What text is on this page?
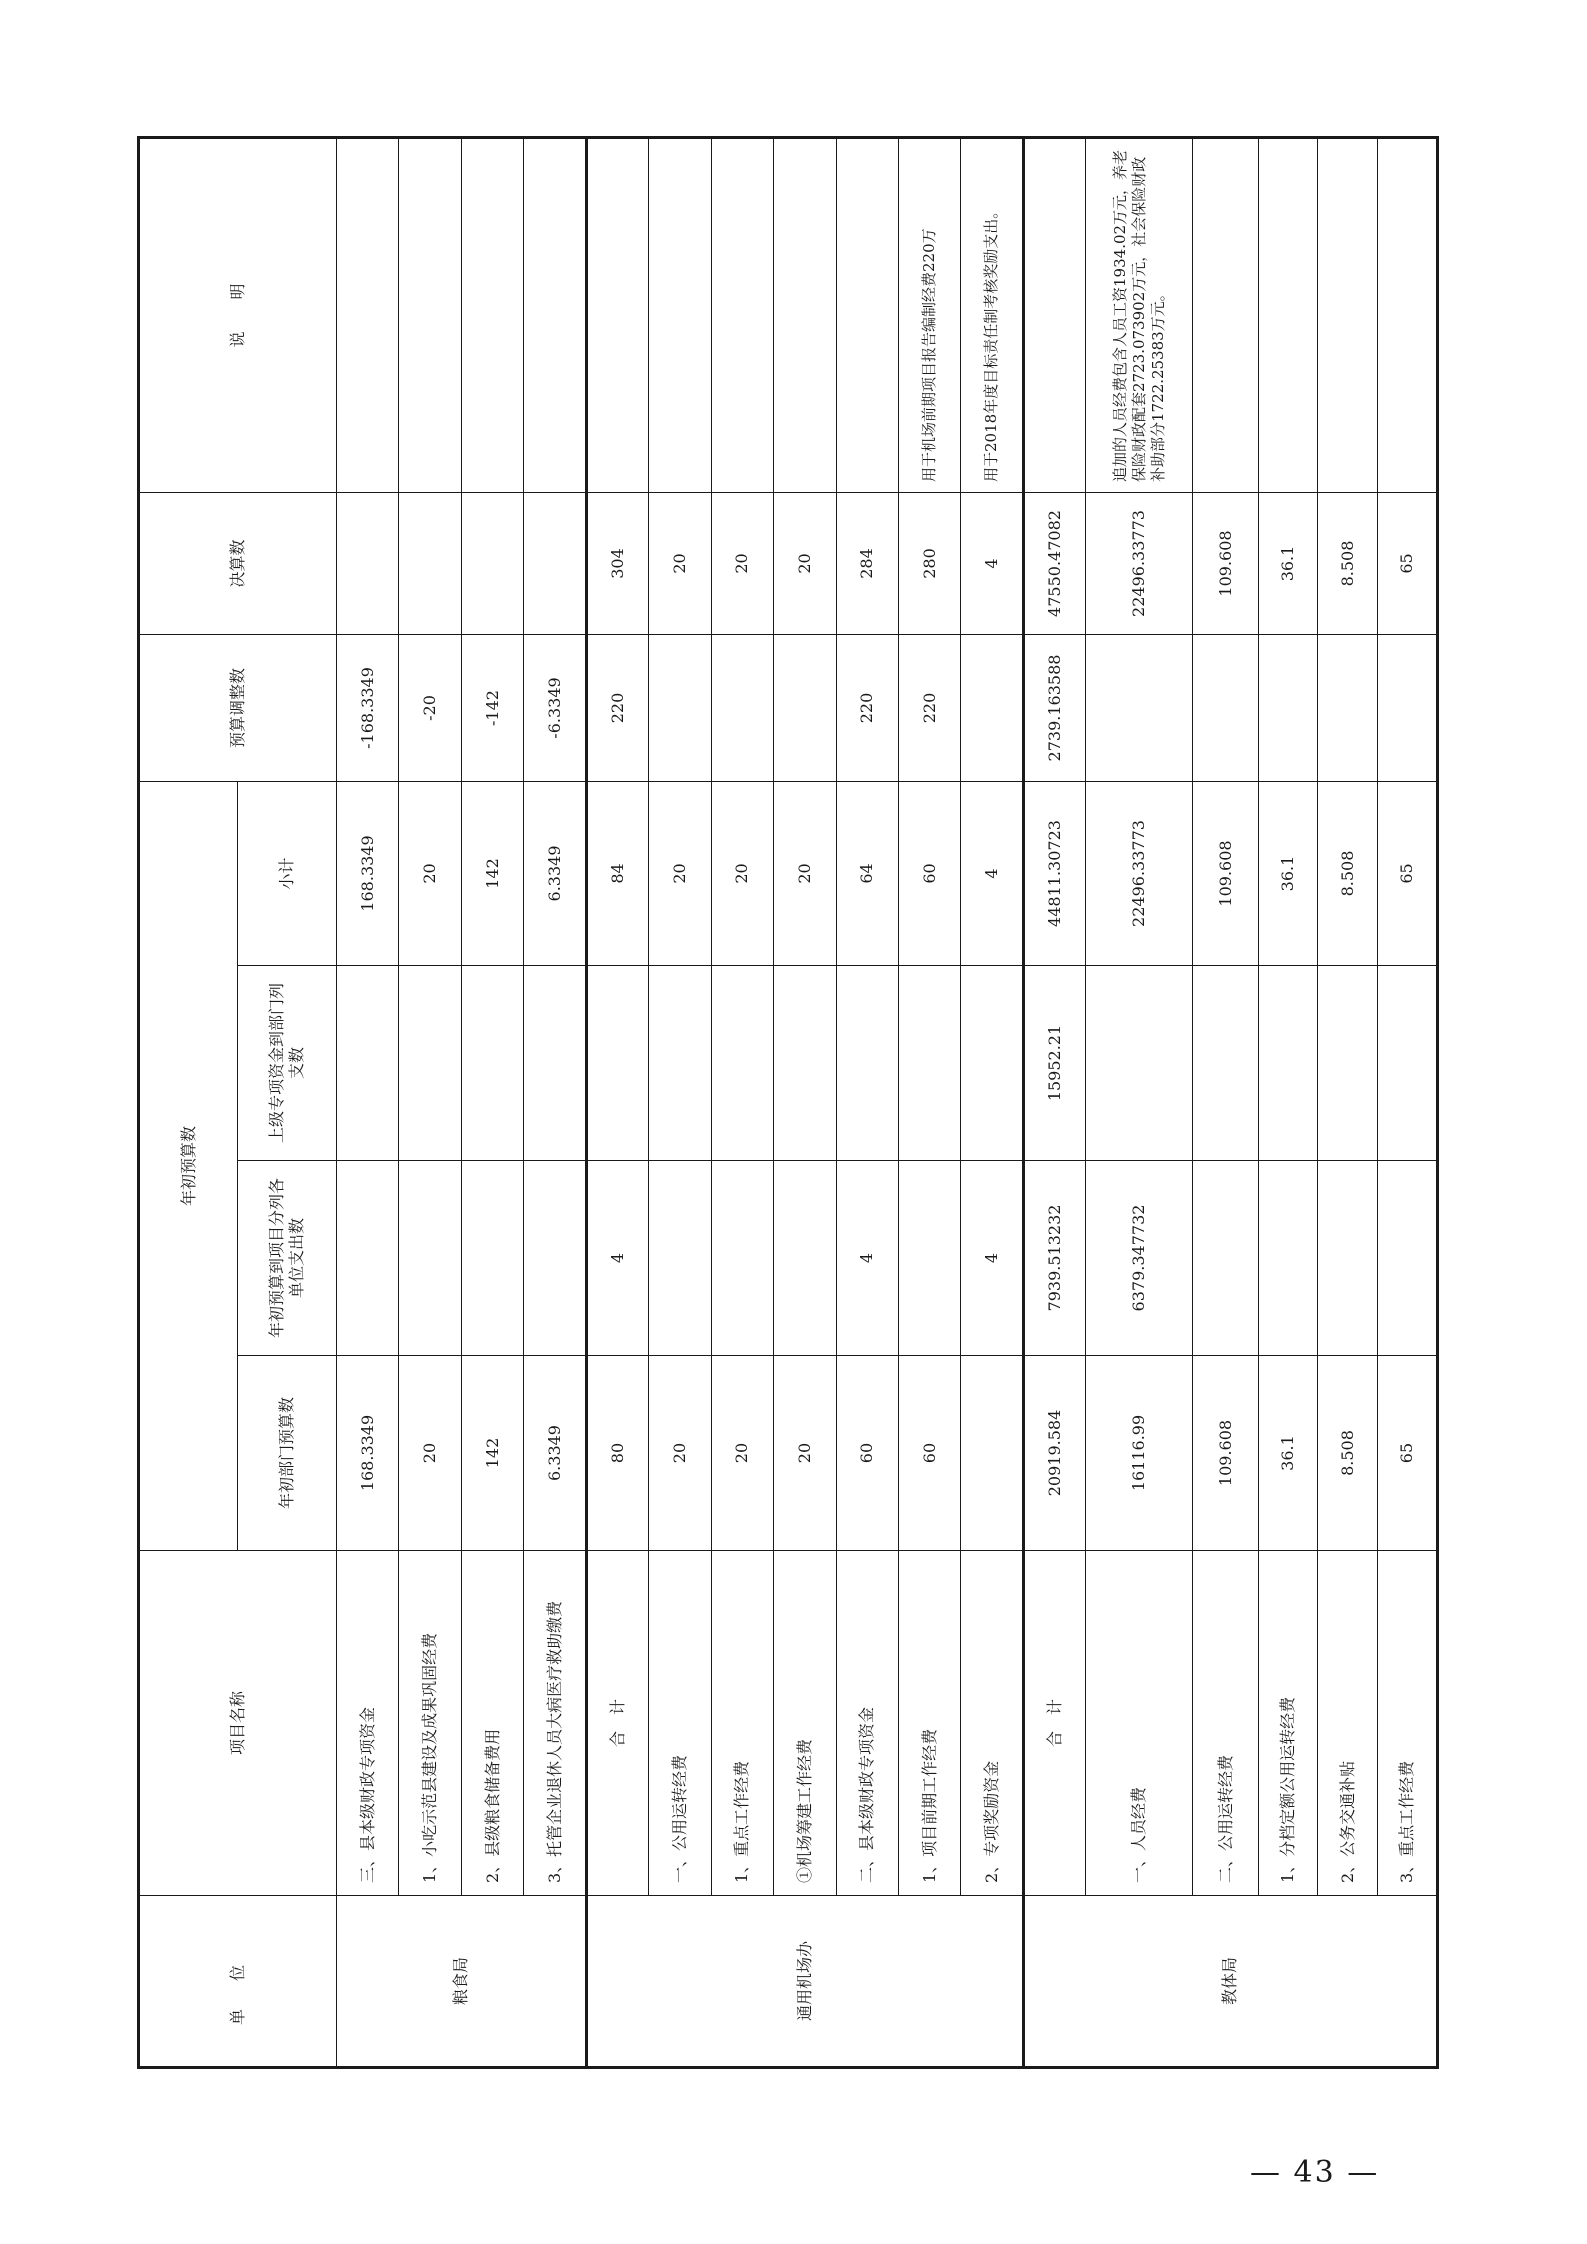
单位	项目名称	年初预算数				预算调整数	决算数	说　　明
		年初部门预算数	年初预算到项目分列各单位支出数	上级专项资金到部门列支数	小计			
粮食局	三、县本级财政专项资金	168.3349			168.3349	-168.3349		
	1、小吃示范县建设及成果巩固经费	20			20	-20		
	2、县级粮食储备费用	142			142	-142		
	3、托管企业退休人员大病医疗救助缴费	6.3349			6.3349	-6.3349		
通用机场办	合　计	80	4		84	220	304	
	一、公用运转经费	20			20		20	
	1、重点工作经费	20			20		20	
	①机场筹建工作经费	20			20		20	
	二、县本级财政专项资金	60	4		64	220	284	
	1、项目前期工作经费	60			60	220	280	用于机场前期项目报告编制经费220万
	2、专项奖励资金		4		4		4	用于2018年度目标责任制考核奖励支出。
教体局	合　计	20919.584	7939.513232	15952.21	44811.30723	2739.163588	47550.47082	
	一、人员经费	16116.99	6379.347732		22496.33773		22496.33773	追加的人员经费包含人员工资1934.02万元，养老保险财政配套2723.073902万元，社会保险财政补助部分1722.25383万元。
	二、公用运转经费	109.608			109.608		109.608	
	1、分档定额公用运转经费	36.1			36.1		36.1	
	2、公务交通补贴	8.508			8.508		8.508	
	3、重点工作经费	65			65		65	
— 43 —
